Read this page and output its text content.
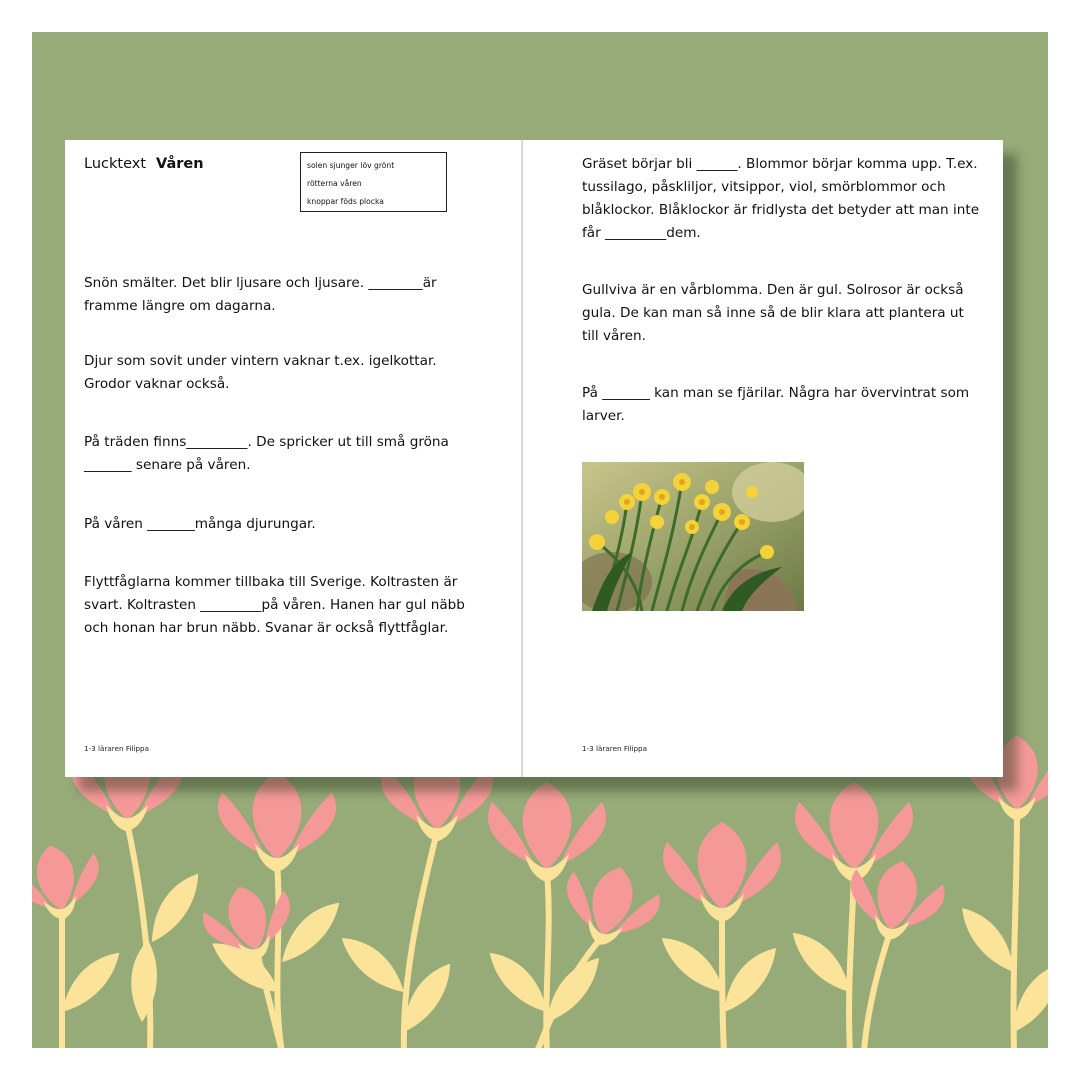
Lucktext Våren	solen sjunger löv grönt
rötterna våren
knoppar föds plocka
Snön smälter. Det blir ljusare och ljusare. ________är framme längre om dagarna.
Djur som sovit under vintern vaknar t.ex. igelkottar. Grodor vaknar också.
På träden finns_________. De spricker ut till små gröna _______ senare på våren.
På våren _______många djurungar.
Flyttfåglarna kommer tillbaka till Sverige. Koltrasten är svart. Koltrasten _________på våren. Hanen har gul näbb och honan har brun näbb. Svanar är också flyttfåglar.
1-3 läraren Filippa
Gräset börjar bli ______. Blommor börjar komma upp. T.ex. tussilago, påskliljor, vitsippor, viol, smörblommor och blåklockor. Blåklockor är fridlysta det betyder att man inte får _________dem.
Gullviva är en vårblomma. Den är gul. Solrosor är också gula. De kan man så inne så de blir klara att plantera ut till våren.
På _______ kan man se fjärilar. Några har övervintrat som larver.
1-3 läraren Filippa
